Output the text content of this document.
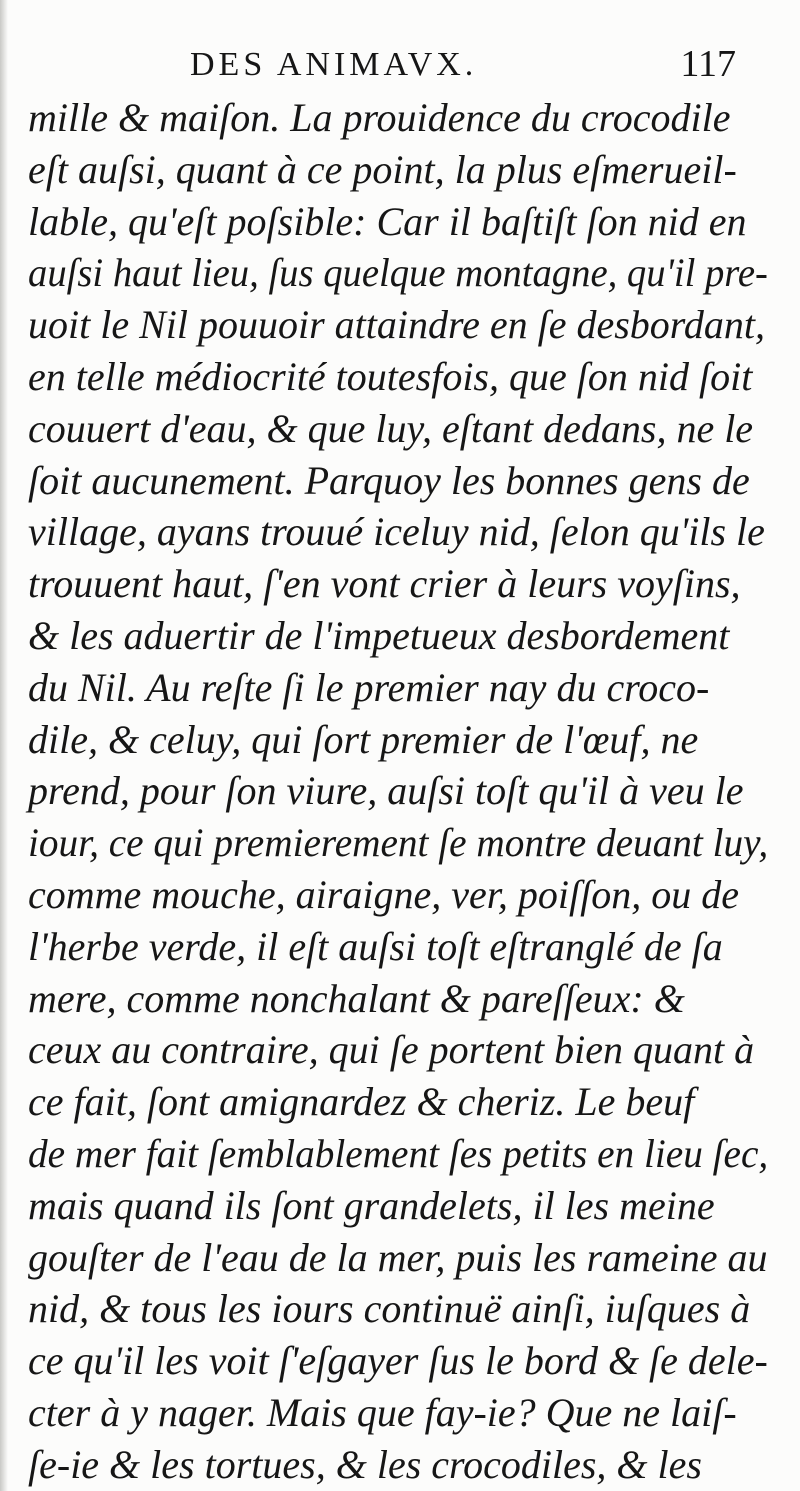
DES ANIMAVX.	117
mille & maiſon. La prouidence du crocodile
eſt auſsi, quant à ce point, la plus eſmerueil-
lable, qu'eſt poſsible: Car il baſtiſt ſon nid en
auſsi haut lieu, ſus quelque montagne, qu'il pre-
uoit le Nil pouuoir attaindre en ſe desbordant,
en telle médiocrité toutesfois, que ſon nid ſoit
couuert d'eau, & que luy, eſtant dedans, ne le
ſoit aucunement. Parquoy les bonnes gens de
village, ayans trouué iceluy nid, ſelon qu'ils le
trouuent haut, ſ'en vont crier à leurs voyſins,
& les aduertir de l'impetueux desbordement
du Nil. Au reſte ſi le premier nay du croco-
dile, & celuy, qui ſort premier de l'œuf, ne
prend, pour ſon viure, auſsi toſt qu'il à veu le
iour, ce qui premierement ſe montre deuant luy,
comme mouche, airaigne, ver, poiſſon, ou de
l'herbe verde, il eſt auſsi toſt eſtranglé de ſa
mere, comme nonchalant & pareſſeux: &
ceux au contraire, qui ſe portent bien quant à
ce fait, ſont amignardez & cheriz. Le beuf
de mer fait ſemblablement ſes petits en lieu ſec,
mais quand ils ſont grandelets, il les meine
gouſter de l'eau de la mer, puis les rameine au
nid, & tous les iours continuë ainſi, iuſques à
ce qu'il les voit ſ'eſgayer ſus le bord & ſe dele-
cter à y nager. Mais que fay-ie? Que ne laiſ-
ſe-ie & les tortues, & les crocodiles, & les
